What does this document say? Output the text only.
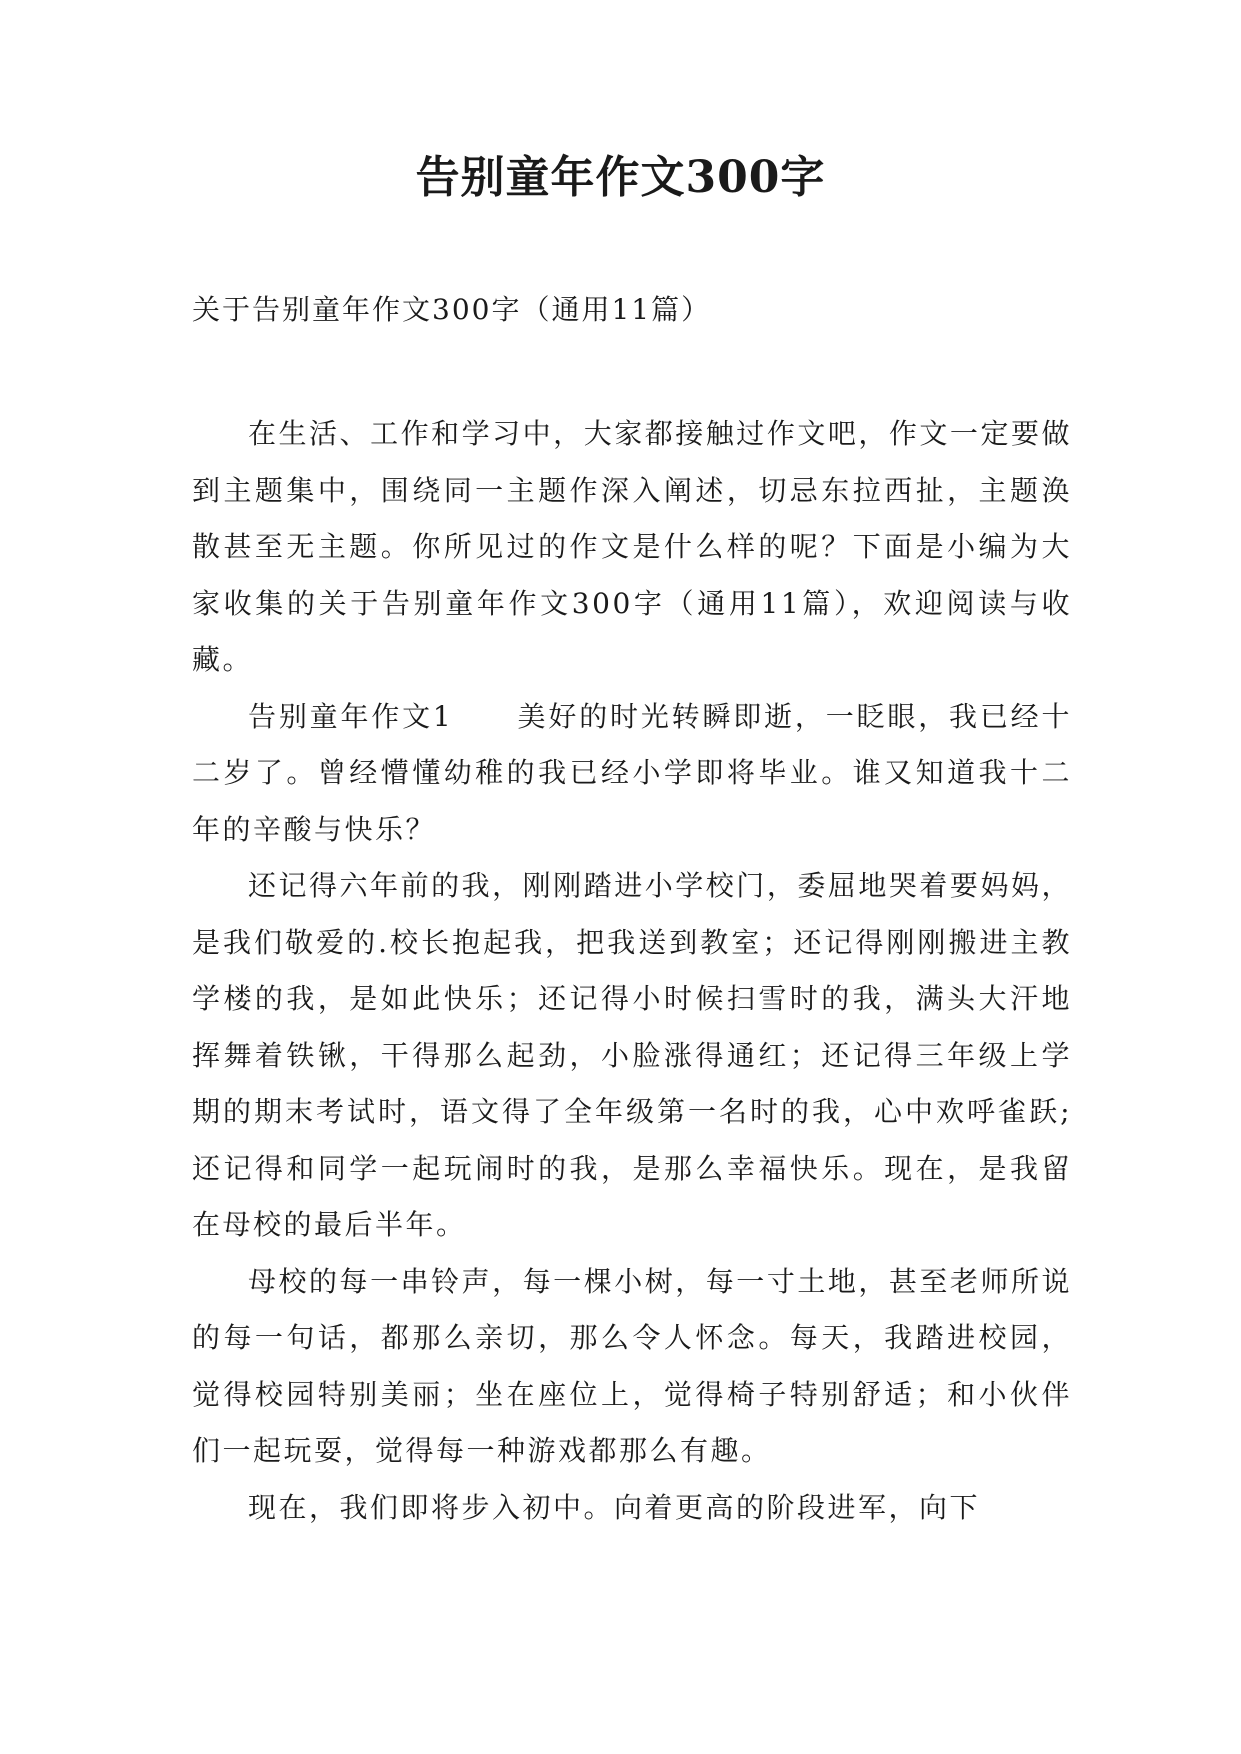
告别童年作文300字

关于告别童年作文300字（通用11篇）

在生活、工作和学习中，大家都接触过作文吧，作文一定要做到主题集中，围绕同一主题作深入阐述，切忌东拉西扯，主题涣散甚至无主题。你所见过的作文是什么样的呢？下面是小编为大家收集的关于告别童年作文300字（通用11篇），欢迎阅读与收藏。

告别童年作文1 美好的时光转瞬即逝，一眨眼，我已经十二岁了。曾经懵懂幼稚的我已经小学即将毕业。谁又知道我十二年的辛酸与快乐？

还记得六年前的我，刚刚踏进小学校门，委屈地哭着要妈妈，是我们敬爱的.校长抱起我，把我送到教室；还记得刚刚搬进主教学楼的我，是如此快乐；还记得小时候扫雪时的我，满头大汗地挥舞着铁锹，干得那么起劲，小脸涨得通红；还记得三年级上学期的期末考试时，语文得了全年级第一名时的我，心中欢呼雀跃;还记得和同学一起玩闹时的我，是那么幸福快乐。现在，是我留在母校的最后半年。

母校的每一串铃声，每一棵小树，每一寸土地，甚至老师所说的每一句话，都那么亲切，那么令人怀念。每天，我踏进校园，觉得校园特别美丽；坐在座位上，觉得椅子特别舒适；和小伙伴们一起玩耍，觉得每一种游戏都那么有趣。

现在，我们即将步入初中。向着更高的阶段进军，向下
